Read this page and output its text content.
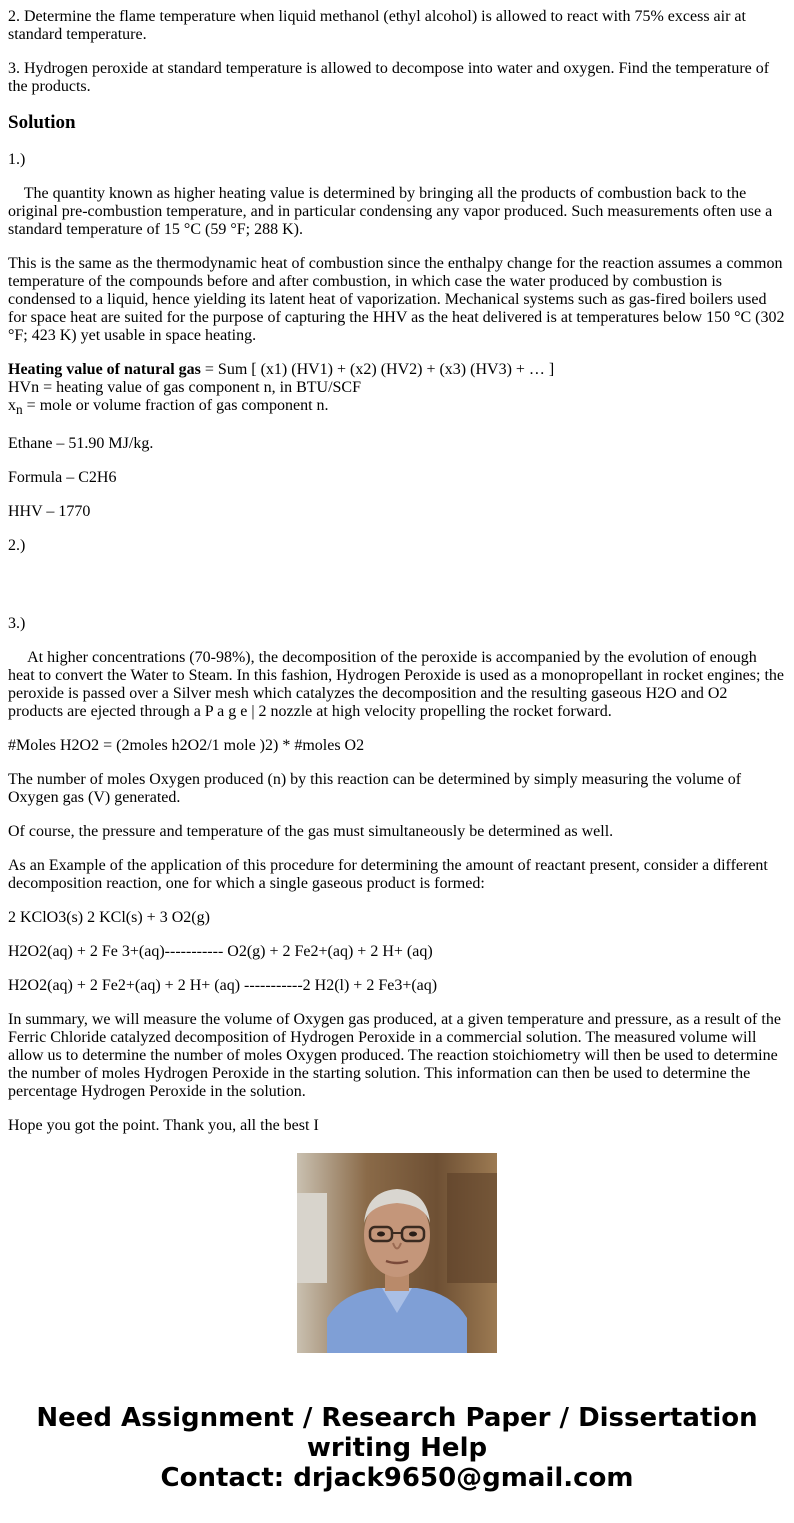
2. Determine the flame temperature when liquid methanol (ethyl alcohol) is allowed to react with 75% excess air at standard temperature.

3. Hydrogen peroxide at standard temperature is allowed to decompose into water and oxygen. Find the temperature of the products.

Solution

1.)

The quantity known as higher heating value is determined by bringing all the products of combustion back to the original pre-combustion temperature, and in particular condensing any vapor produced. Such measurements often use a standard temperature of 15 °C (59 °F; 288 K).

This is the same as the thermodynamic heat of combustion since the enthalpy change for the reaction assumes a common temperature of the compounds before and after combustion, in which case the water produced by combustion is condensed to a liquid, hence yielding its latent heat of vaporization. Mechanical systems such as gas-fired boilers used for space heat are suited for the purpose of capturing the HHV as the heat delivered is at temperatures below 150 °C (302 °F; 423 K) yet usable in space heating.

Heating value of natural gas = Sum [ (x1) (HV1) + (x2) (HV2) + (x3) (HV3) + … ]
HVn = heating value of gas component n, in BTU/SCF
$x_n$ = mole or volume fraction of gas component n.

Ethane – 51.90 MJ/kg.

Formula – C2H6

HHV – 1770

2.)

3.)

At higher concentrations (70-98%), the decomposition of the peroxide is accompanied by the evolution of enough heat to convert the Water to Steam. In this fashion, Hydrogen Peroxide is used as a monopropellant in rocket engines; the peroxide is passed over a Silver mesh which catalyzes the decomposition and the resulting gaseous H2O and O2 products are ejected through a P a g e | 2 nozzle at high velocity propelling the rocket forward.

#Moles H2O2 = (2moles h2O2/1 mole )2) * #moles O2

The number of moles Oxygen produced (n) by this reaction can be determined by simply measuring the volume of Oxygen gas (V) generated.

Of course, the pressure and temperature of the gas must simultaneously be determined as well.

As an Example of the application of this procedure for determining the amount of reactant present, consider a different decomposition reaction, one for which a single gaseous product is formed:

2 KClO3(s) 2 KCl(s) + 3 O2(g)

H2O2(aq) + 2 Fe 3+(aq)----------- O2(g) + 2 Fe2+(aq) + 2 H+ (aq)

H2O2(aq) + 2 Fe2+(aq) + 2 H+ (aq) -----------2 H2(l) + 2 Fe3+(aq)

In summary, we will measure the volume of Oxygen gas produced, at a given temperature and pressure, as a result of the Ferric Chloride catalyzed decomposition of Hydrogen Peroxide in a commercial solution. The measured volume will allow us to determine the number of moles Oxygen produced. The reaction stoichiometry will then be used to determine the number of moles Hydrogen Peroxide in the starting solution. This information can then be used to determine the percentage Hydrogen Peroxide in the solution.

Hope you got the point. Thank you, all the best I

Need Assignment / Research Paper / Dissertation
writing Help
Contact: drjack9650@gmail.com
